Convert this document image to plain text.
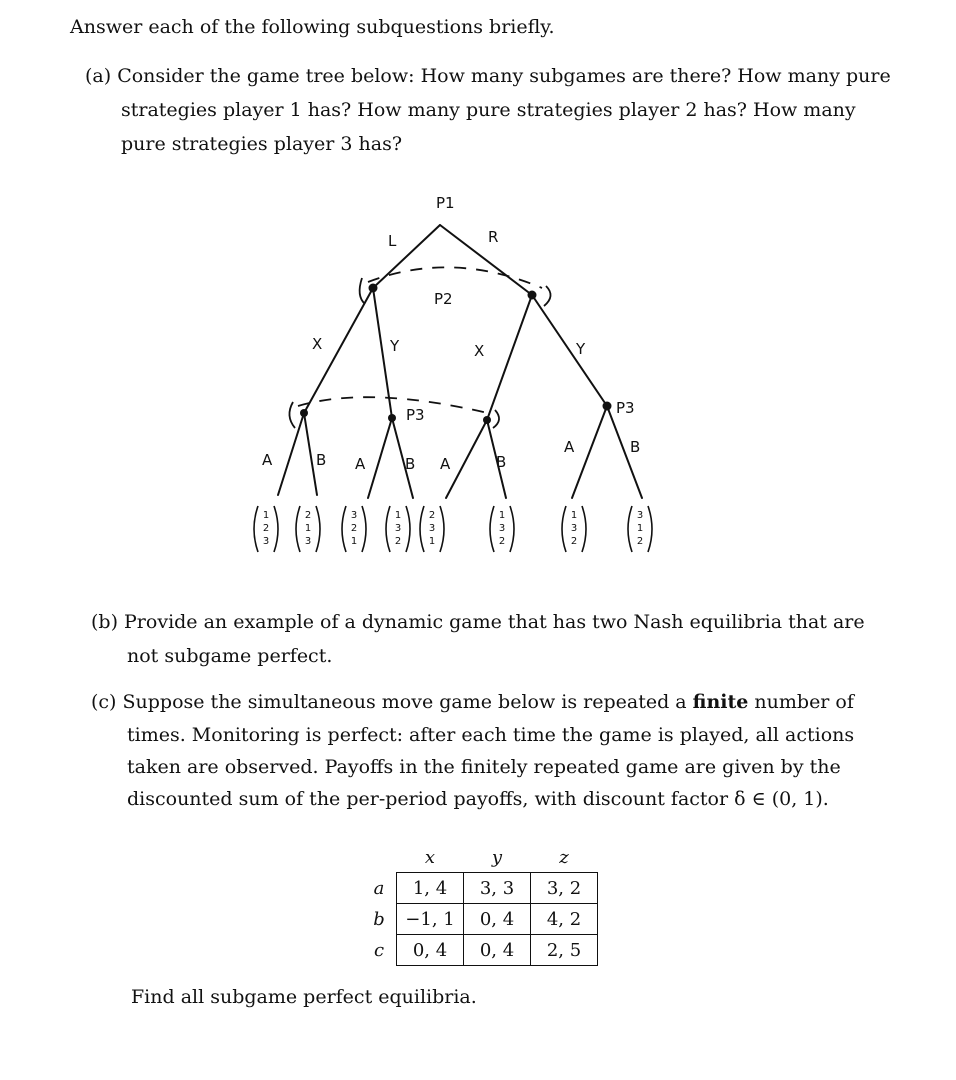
Answer each of the following subquestions briefly.
(a) Consider the game tree below: How many subgames are there? How many pure
strategies player 1 has? How many pure strategies player 2 has? How many
pure strategies player 3 has?
P1
P2
P3	P3
L	R
X	Y	X	Y
A	B A	B A	B
A	B
1
2
3
2
1
3
3
2
1
1
3
2
2
3
1
1
3
2
1
3
2
3
1
2
(b) Provide an example of a dynamic game that has two Nash equilibria that are
not subgame perfect.
(c) Suppose the simultaneous move game below is repeated a finite number of
times. Monitoring is perfect: after each time the game is played, all actions
taken are observed. Payoffs in the finitely repeated game are given by the
discounted sum of the per-period payoffs, with discount factor δ ∈ (0, 1).
	x	y	z
a	1, 4	3, 3	3, 2
b	−1, 1	0, 4	4, 2
c	0, 4	0, 4	2, 5
Find all subgame perfect equilibria.
